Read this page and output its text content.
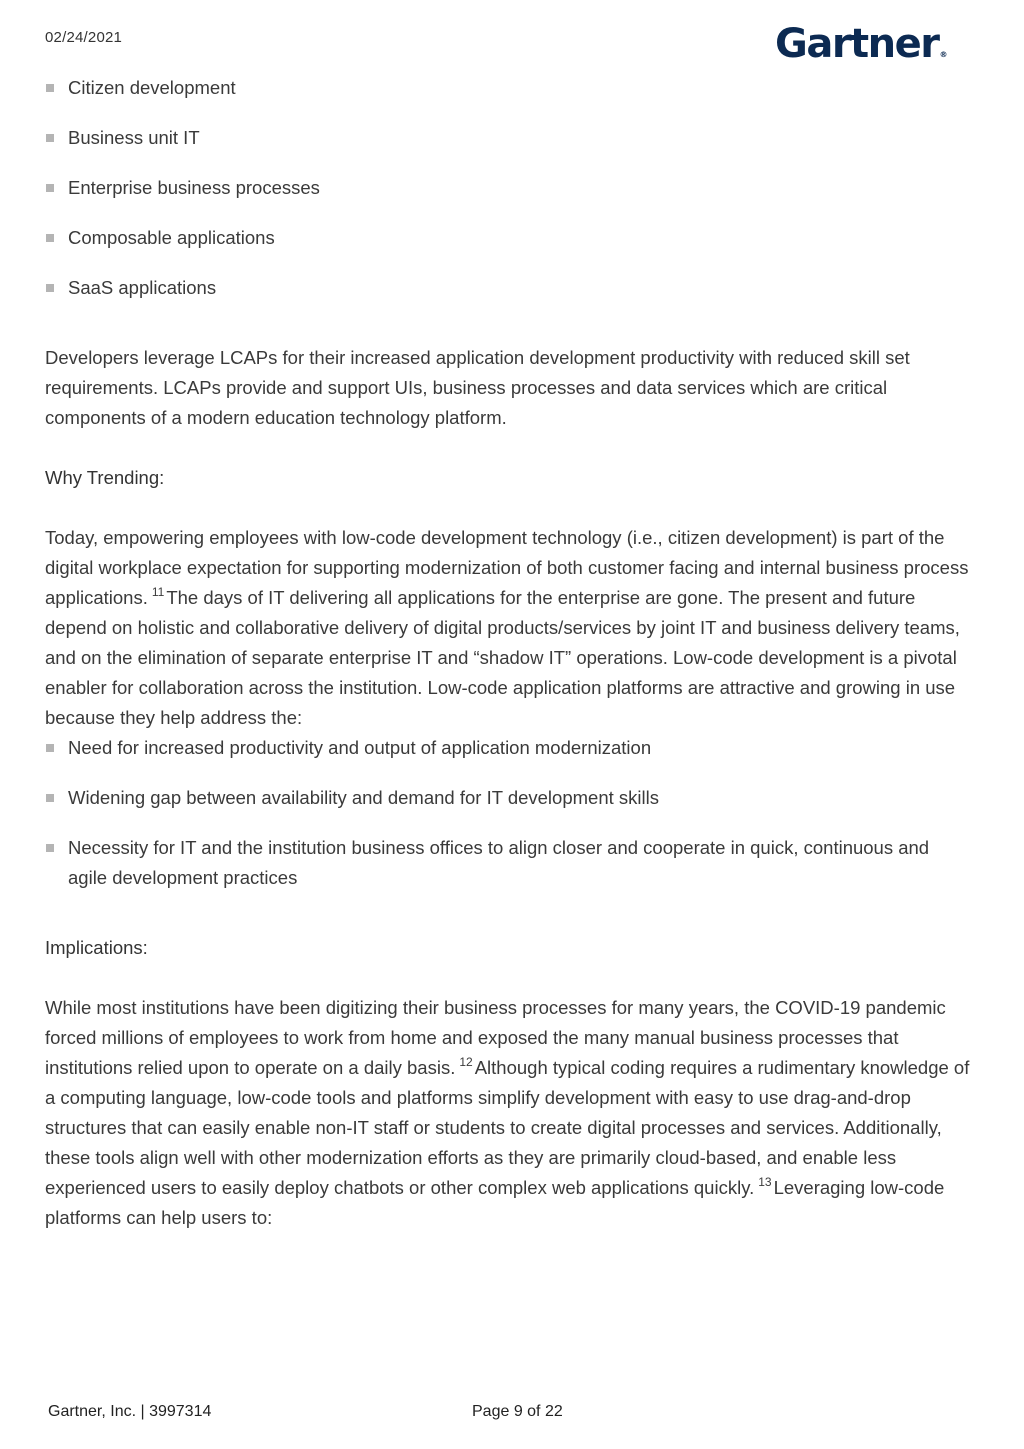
02/24/2021	Gartner®
Citizen development
Business unit IT
Enterprise business processes
Composable applications
SaaS applications

Developers leverage LCAPs for their increased application development productivity with reduced skill set requirements. LCAPs provide and support UIs, business processes and data services which are critical components of a modern education technology platform.

Why Trending:

Today, empowering employees with low-code development technology (i.e., citizen development) is part of the digital workplace expectation for supporting modernization of both customer facing and internal business process applications. $^{11}$ The days of IT delivering all applications for the enterprise are gone. The present and future depend on holistic and collaborative delivery of digital products/services by joint IT and business delivery teams, and on the elimination of separate enterprise IT and “shadow IT” operations. Low-code development is a pivotal enabler for collaboration across the institution. Low-code application platforms are attractive and growing in use because they help address the:

Need for increased productivity and output of application modernization
Widening gap between availability and demand for IT development skills
Necessity for IT and the institution business offices to align closer and cooperate in quick, continuous and agile development practices

Implications:

While most institutions have been digitizing their business processes for many years, the COVID-19 pandemic forced millions of employees to work from home and exposed the many manual business processes that institutions relied upon to operate on a daily basis. $^{12}$ Although typical coding requires a rudimentary knowledge of a computing language, low-code tools and platforms simplify development with easy to use drag-and-drop structures that can easily enable non-IT staff or students to create digital processes and services. Additionally, these tools align well with other modernization efforts as they are primarily cloud-based, and enable less experienced users to easily deploy chatbots or other complex web applications quickly. $^{13}$ Leveraging low-code platforms can help users to:

Gartner, Inc. | 3997314	Page 9 of 22
